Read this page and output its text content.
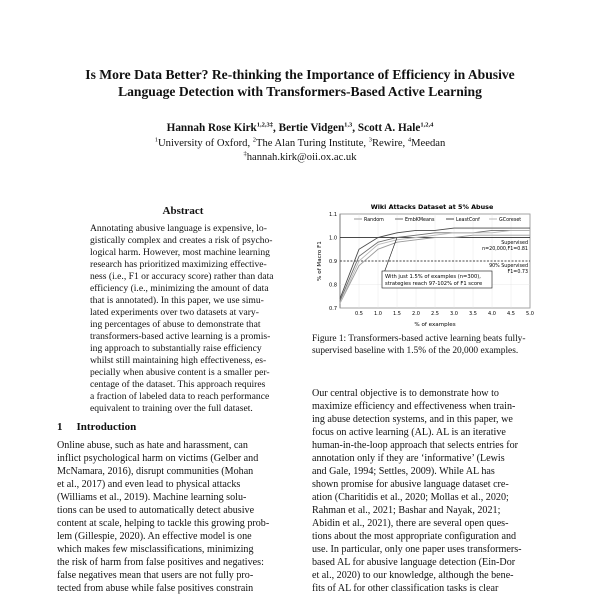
Is More Data Better? Re-thinking the Importance of Efficiency in Abusive
Language Detection with Transformers-Based Active Learning
Hannah Rose Kirk$^{1,2,3\ddagger}$, Bertie Vidgen$^{1,3}$, Scott A. Hale$^{1,2,4}$
$^1$University of Oxford, $^2$The Alan Turing Institute, $^3$Rewire, $^4$Meedan
‡hannah.kirk@oii.ox.ac.uk
Abstract

Annotating abusive language is expensive, lo-

gistically complex and creates a risk of psycho-

logical harm. However, most machine learning

research has prioritized maximizing effective-

ness (i.e., F1 or accuracy score) rather than data

efficiency (i.e., minimizing the amount of data

that is annotated). In this paper, we use simu-

lated experiments over two datasets at vary-

ing percentages of abuse to demonstrate that

transformers-based active learning is a promis-

ing approach to substantially raise efficiency

whilst still maintaining high effectiveness, es-

pecially when abusive content is a smaller per-

centage of the dataset. This approach requires

a fraction of labeled data to reach performance

equivalent to training over the full dataset.

1 Introduction

Online abuse, such as hate and harassment, can

inflict psychological harm on victims (Gelber and

McNamara, 2016), disrupt communities (Mohan

et al., 2017) and even lead to physical attacks

(Williams et al., 2019). Machine learning solu-

tions can be used to automatically detect abusive

content at scale, helping to tackle this growing prob-

lem (Gillespie, 2020). An effective model is one

which makes few misclassifications, minimizing

the risk of harm from false positives and negatives:

false negatives mean that users are not fully pro-

tected from abuse while false positives constrain

Wiki Attacks Dataset at 5% Abuse
0.5 1.0 1.5 2.0 2.5 3.0 3.5 4.0 4.5 5.0
0.7
0.8
0.9
1.0
1.1
Random	EmbKMeans	LeastConf	GCoreset
Supervised
n=20,000,F1=0.81
90% Supervised
F1=0.73
With just 1.5% of examples (n=300),
strategies reach 97-102% of F1 score
% of examples
% of Macro F1
Figure 1: Transformers-based active learning beats fully-
supervised baseline with 1.5% of the 20,000 examples.

Our central objective is to demonstrate how to

maximize efficiency and effectiveness when train-

ing abuse detection systems, and in this paper, we

focus on active learning (AL). AL is an iterative

human-in-the-loop approach that selects entries for

annotation only if they are ‘informative’ (Lewis

and Gale, 1994; Settles, 2009). While AL has

shown promise for abusive language dataset cre-

ation (Charitidis et al., 2020; Mollas et al., 2020;

Rahman et al., 2021; Bashar and Nayak, 2021;

Abidin et al., 2021), there are several open ques-

tions about the most appropriate configuration and

use. In particular, only one paper uses transformers-

based AL for abusive language detection (Ein-Dor

et al., 2020) to our knowledge, although the bene-

fits of AL for other classification tasks is clear
